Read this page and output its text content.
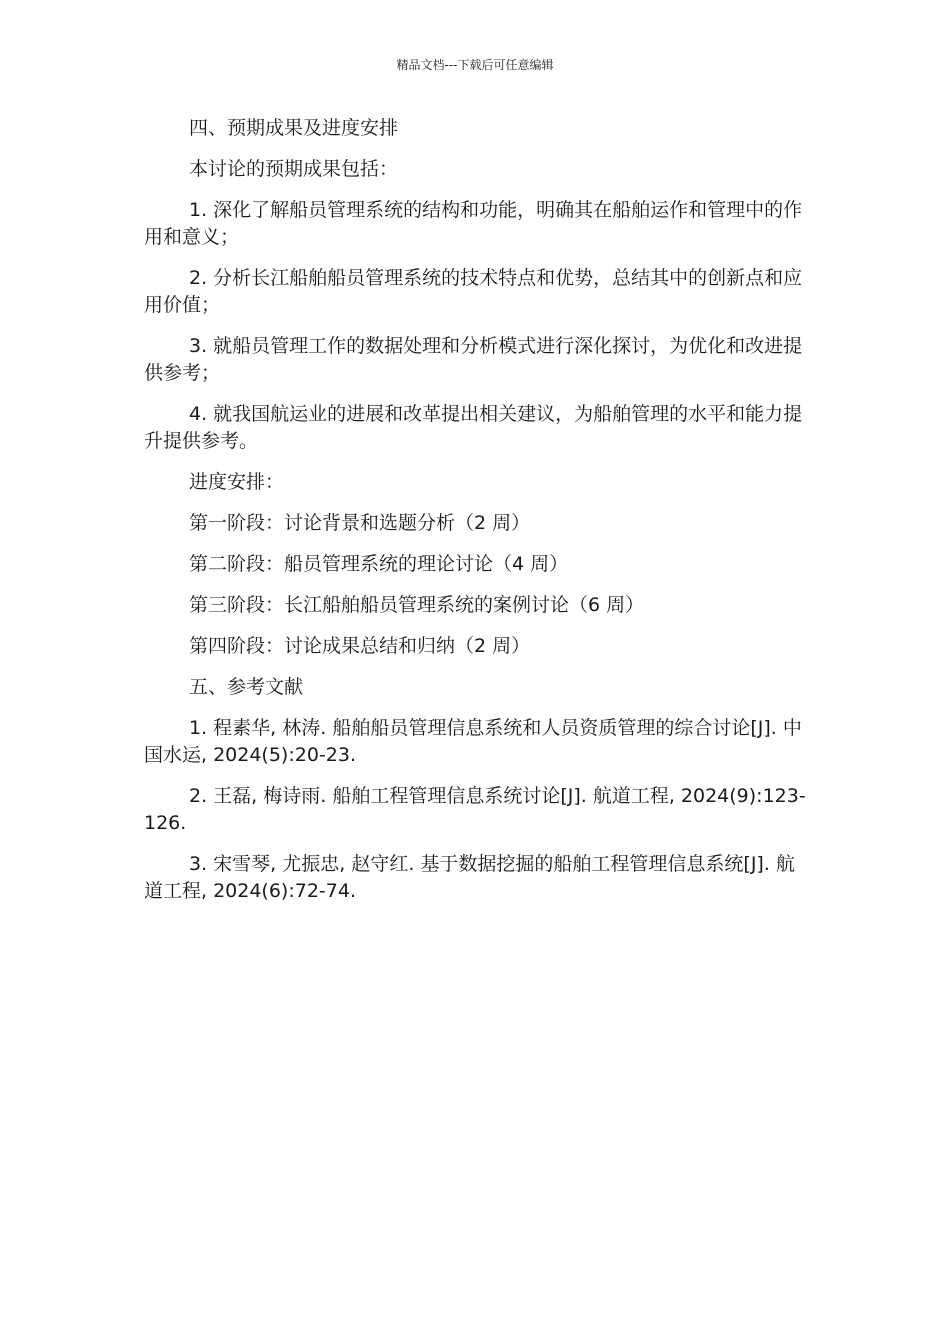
精品文档---下载后可任意编辑

四、预期成果及进度安排

本讨论的预期成果包括：

1. 深化了解船员管理系统的结构和功能，明确其在船舶运作和管理中的作用和意义；

2. 分析长江船舶船员管理系统的技术特点和优势，总结其中的创新点和应用价值；

3. 就船员管理工作的数据处理和分析模式进行深化探讨，为优化和改进提供参考；

4. 就我国航运业的进展和改革提出相关建议，为船舶管理的水平和能力提升提供参考。

进度安排：

第一阶段：讨论背景和选题分析（2 周）

第二阶段：船员管理系统的理论讨论（4 周）

第三阶段：长江船舶船员管理系统的案例讨论（6 周）

第四阶段：讨论成果总结和归纳（2 周）

五、参考文献

1. 程素华, 林涛. 船舶船员管理信息系统和人员资质管理的综合讨论[J]. 中国水运, 2024(5):20-23.

2. 王磊, 梅诗雨. 船舶工程管理信息系统讨论[J]. 航道工程, 2024(9):123-126.

3. 宋雪琴, 尤振忠, 赵守红. 基于数据挖掘的船舶工程管理信息系统[J]. 航道工程, 2024(6):72-74.
